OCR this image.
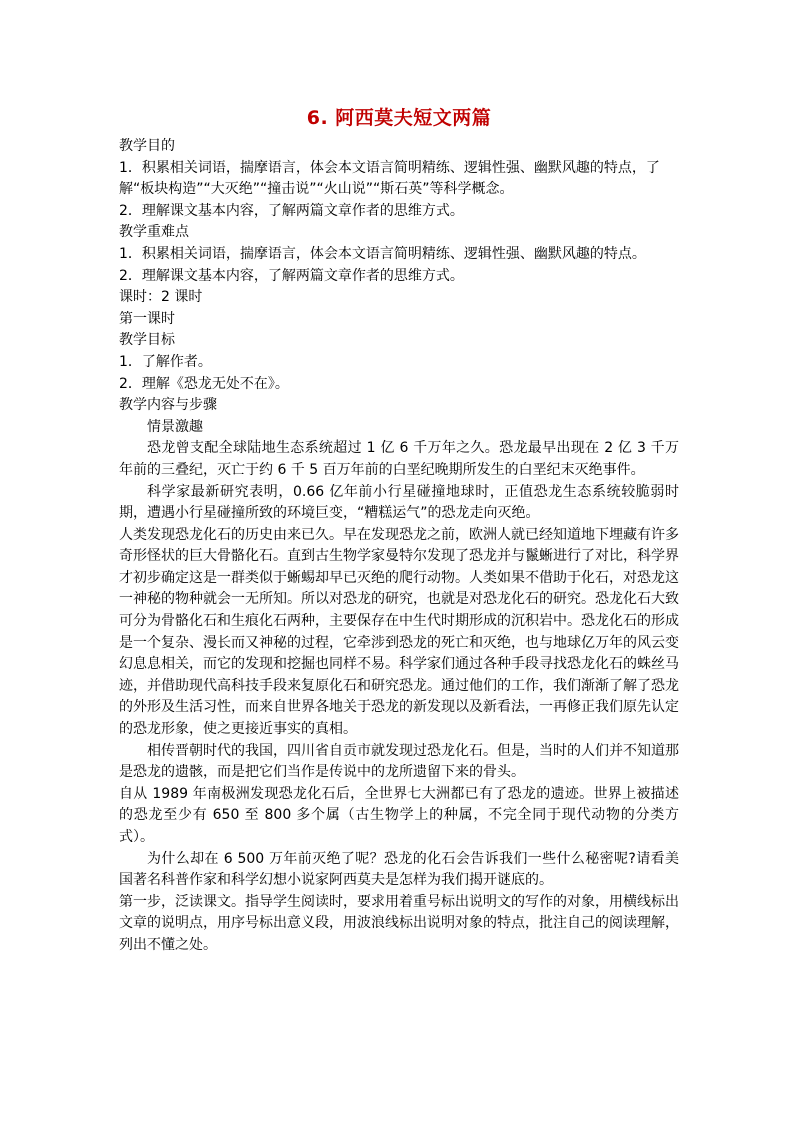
6. 阿西莫夫短文两篇

教学目的

1．积累相关词语，揣摩语言，体会本文语言简明精练、逻辑性强、幽默风趣的特点，了解“板块构造”“大灭绝”“撞击说”“火山说”“斯石英”等科学概念。

2．理解课文基本内容，了解两篇文章作者的思维方式。

教学重难点

1．积累相关词语，揣摩语言，体会本文语言简明精练、逻辑性强、幽默风趣的特点。

2．理解课文基本内容，了解两篇文章作者的思维方式。

课时：2 课时

第一课时

教学目标

1．了解作者。

2．理解《恐龙无处不在》。

教学内容与步骤

情景激趣

恐龙曾支配全球陆地生态系统超过 1 亿 6 千万年之久。恐龙最早出现在 2 亿 3 千万年前的三叠纪，灭亡于约 6 千 5 百万年前的白垩纪晚期所发生的白垩纪末灭绝事件。

科学家最新研究表明，0.66 亿年前小行星碰撞地球时，正值恐龙生态系统较脆弱时期，遭遇小行星碰撞所致的环境巨变，“糟糕运气”的恐龙走向灭绝。

人类发现恐龙化石的历史由来已久。早在发现恐龙之前，欧洲人就已经知道地下埋藏有许多奇形怪状的巨大骨骼化石。直到古生物学家曼特尔发现了恐龙并与鬣蜥进行了对比，科学界才初步确定这是一群类似于蜥蜴却早已灭绝的爬行动物。人类如果不借助于化石，对恐龙这一神秘的物种就会一无所知。所以对恐龙的研究，也就是对恐龙化石的研究。恐龙化石大致可分为骨骼化石和生痕化石两种，主要保存在中生代时期形成的沉积岩中。恐龙化石的形成是一个复杂、漫长而又神秘的过程，它牵涉到恐龙的死亡和灭绝，也与地球亿万年的风云变幻息息相关，而它的发现和挖掘也同样不易。科学家们通过各种手段寻找恐龙化石的蛛丝马迹，并借助现代高科技手段来复原化石和研究恐龙。通过他们的工作，我们渐渐了解了恐龙的外形及生活习性，而来自世界各地关于恐龙的新发现以及新看法，一再修正我们原先认定的恐龙形象，使之更接近事实的真相。

相传晋朝时代的我国，四川省自贡市就发现过恐龙化石。但是，当时的人们并不知道那是恐龙的遗骸，而是把它们当作是传说中的龙所遗留下来的骨头。

自从 1989 年南极洲发现恐龙化石后，全世界七大洲都已有了恐龙的遗迹。世界上被描述的恐龙至少有 650 至 800 多个属（古生物学上的种属，不完全同于现代动物的分类方式）。

为什么却在 6 500 万年前灭绝了呢？恐龙的化石会告诉我们一些什么秘密呢?请看美国著名科普作家和科学幻想小说家阿西莫夫是怎样为我们揭开谜底的。

第一步，泛读课文。指导学生阅读时，要求用着重号标出说明文的写作的对象，用横线标出文章的说明点，用序号标出意义段，用波浪线标出说明对象的特点，批注自己的阅读理解，列出不懂之处。
